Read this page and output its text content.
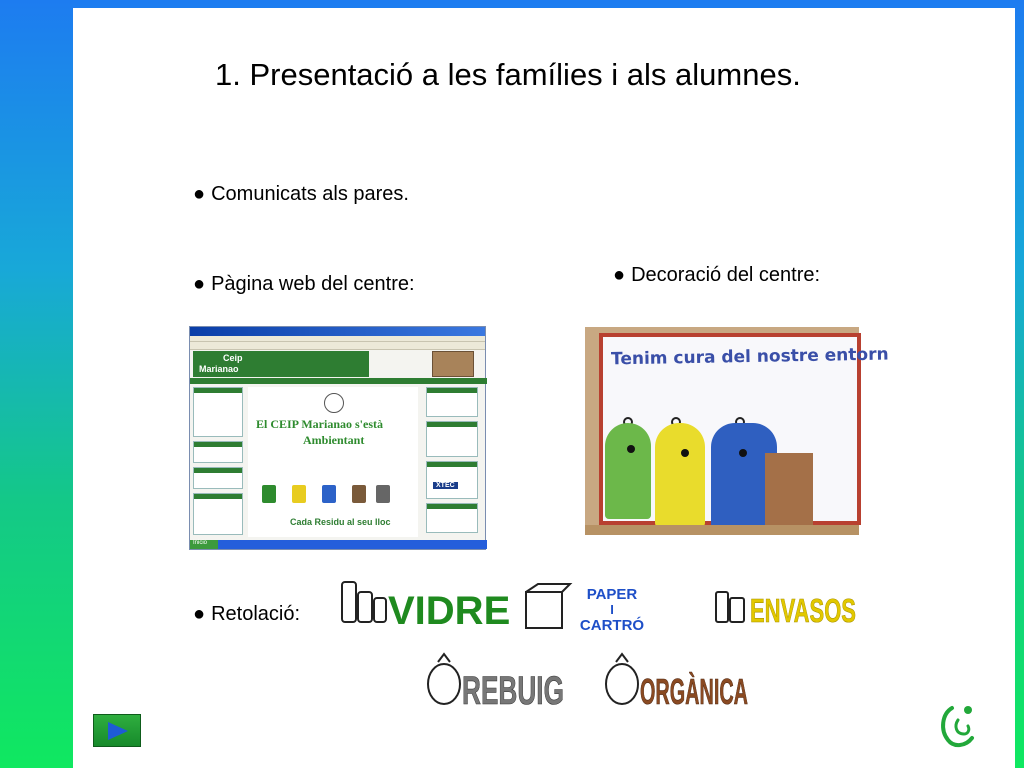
1. Presentació a les famílies i als alumnes.
● Comunicats als pares.
● Pàgina web del centre:	● Decoració del centre:
● Retolació:
Ceip
Marianao
El CEIP Marianao s'està
Ambientant
Cada Residu al seu lloc
XTEC
Inicio
Tenim cura del nostre entorn
VIDRE	PAPER
I
CARTRÓ	ENVASOS
REBUIG ORGÀNICA
